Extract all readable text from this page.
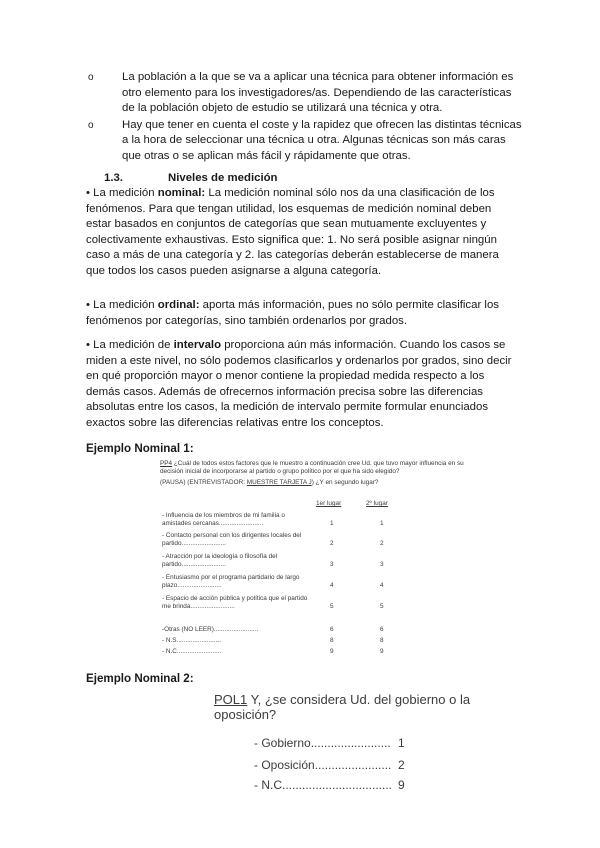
o	La población a la que se va a aplicar una técnica para obtener información es otro elemento para los investigadores/as. Dependiendo de las características de la población objeto de estudio se utilizará una técnica y otra.
o	Hay que tener en cuenta el coste y la rapidez que ofrecen las distintas técnicas a la hora de seleccionar una técnica u otra. Algunas técnicas son más caras que otras o se aplican más fácil y rápidamente que otras.
1.3.	Niveles de medición

• La medición nominal: La medición nominal sólo nos da una clasificación de los fenómenos. Para que tengan utilidad, los esquemas de medición nominal deben estar basados en conjuntos de categorías que sean mutuamente excluyentes y colectivamente exhaustivas. Esto significa que: 1. No será posible asignar ningún caso a más de una categoría y 2. las categorías deberán establecerse de manera que todos los casos pueden asignarse a alguna categoría.

• La medición ordinal: aporta más información, pues no sólo permite clasificar los fenómenos por categorías, sino también ordenarlos por grados.

• La medición de intervalo proporciona aún más información. Cuando los casos se miden a este nivel, no sólo podemos clasificarlos y ordenarlos por grados, sino decir en qué proporción mayor o menor contiene la propiedad medida respecto a los demás casos. Además de ofrecernos información precisa sobre las diferencias absolutas entre los casos, la medición de intervalo permite formular enunciados exactos sobre las diferencias relativas entre los conceptos.

Ejemplo Nominal 1:
PP4 ¿Cuál de todos estos factores que le muestro a continuación cree Ud. que tuvo mayor influencia en su decisión inicial de incorporarse al partido o grupo político por el que ha sido elegido?
(PAUSA) (ENTREVISTADOR: MUESTRE TARJETA J) ¿Y en segundo lugar?
1er lugar	2º lugar
- Influencia de los miembros de mi familia o amistades cercanas.........................	1	1
- Contacto personal con los dirigentes locales del partido.........................	2	2
- Atracción por la ideología o filosofía del partido.........................	3	3
- Entusiasmo por el programa partidario de largo plazo.........................	4	4
- Espacio de acción pública y política que el partido me brinda.........................	5	5
-Otras (NO LEER).........................	6	6
- N.S.........................	8	8
- N.C.........................	9	9
Ejemplo Nominal 2:
POL1 Y, ¿se considera Ud. del gobierno o la oposición?
- Gobierno........................ 1
- Oposición....................... 2
- N.C................................. 9
